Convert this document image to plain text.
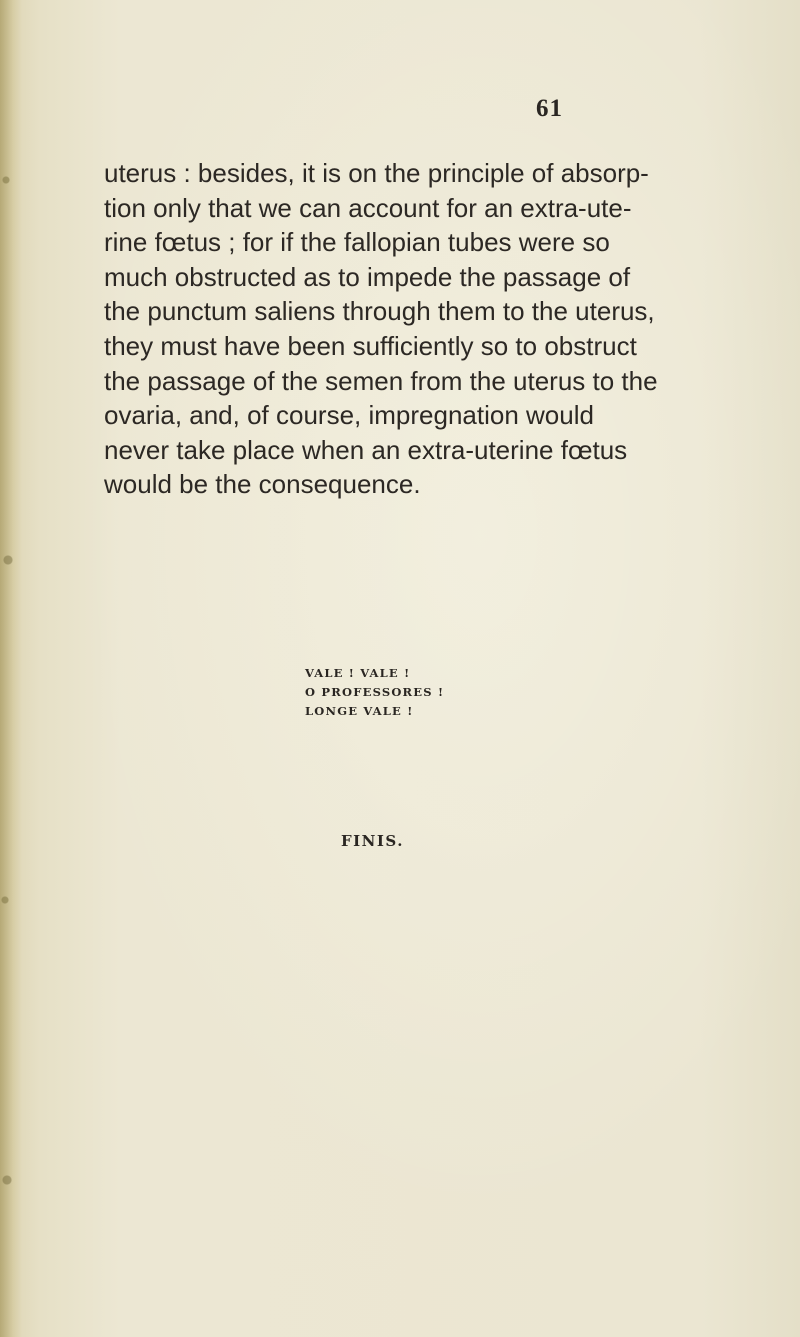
61
uterus : besides, it is on the principle of absorp-
tion only that we can account for an extra-ute-
rine fœtus ; for if the fallopian tubes were so
much obstructed as to impede the passage of
the punctum saliens through them to the uterus,
they must have been sufficiently so to obstruct
the passage of the semen from the uterus to the
ovaria, and, of course, impregnation would
never take place when an extra-uterine fœtus
would be the consequence.
VALE ! VALE !
O PROFESSORES !
LONGE VALE !
FINIS.
